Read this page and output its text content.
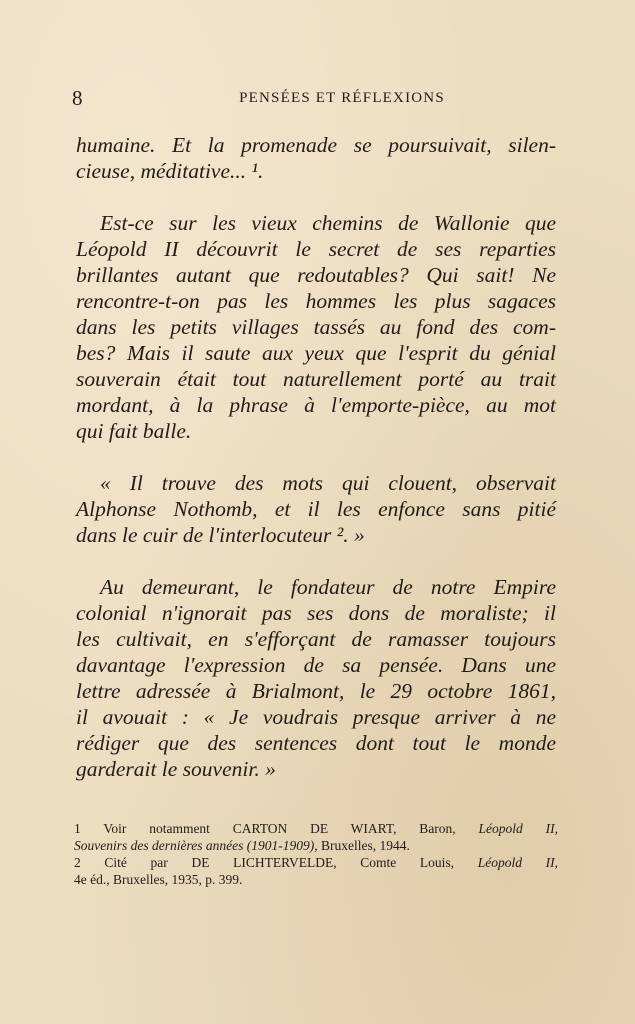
8	PENSÉES ET RÉFLEXIONS

humaine. Et la promenade se poursuivait, silen-
cieuse, méditative... ¹.

Est-ce sur les vieux chemins de Wallonie que
Léopold II découvrit le secret de ses reparties
brillantes autant que redoutables? Qui sait! Ne
rencontre-t-on pas les hommes les plus sagaces
dans les petits villages tassés au fond des com-
bes? Mais il saute aux yeux que l'esprit du génial
souverain était tout naturellement porté au trait
mordant, à la phrase à l'emporte-pièce, au mot
qui fait balle.

« Il trouve des mots qui clouent, observait
Alphonse Nothomb, et il les enfonce sans pitié
dans le cuir de l'interlocuteur ². »

Au demeurant, le fondateur de notre Empire
colonial n'ignorait pas ses dons de moraliste; il
les cultivait, en s'efforçant de ramasser toujours
davantage l'expression de sa pensée. Dans une
lettre adressée à Brialmont, le 29 octobre 1861,
il avouait : « Je voudrais presque arriver à ne
rédiger que des sentences dont tout le monde
garderait le souvenir. »

1 Voir notamment CARTON DE WIART, Baron, Léopold II,
Souvenirs des dernières années (1901-1909), Bruxelles, 1944.

2 Cité par DE LICHTERVELDE, Comte Louis, Léopold II,
4e éd., Bruxelles, 1935, p. 399.
